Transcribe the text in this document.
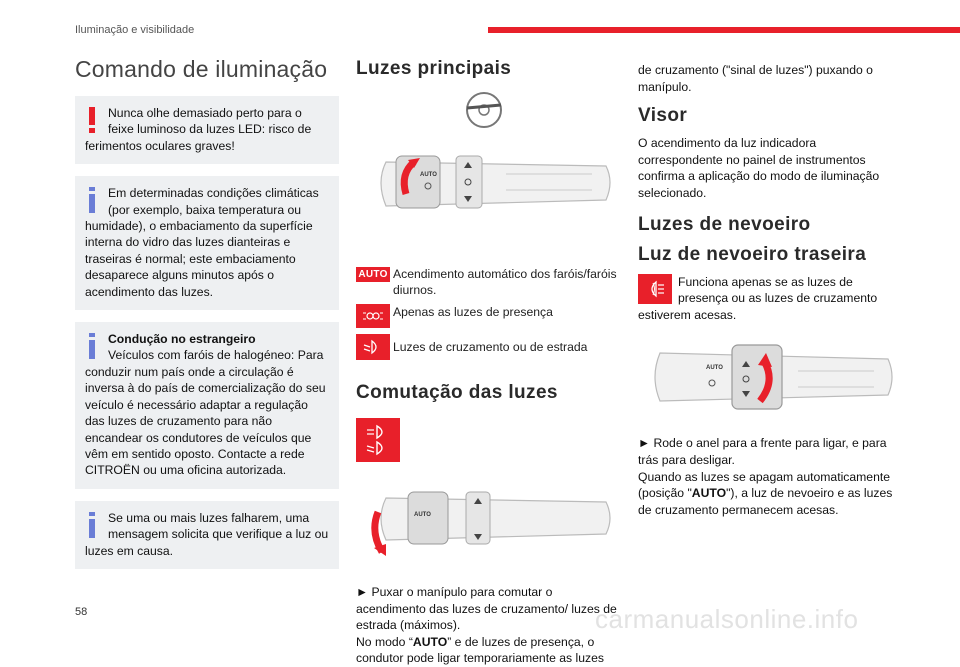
Iluminação e visibilidade
Comando de iluminação
Nunca olhe demasiado perto para o feixe luminoso da luzes LED: risco de ferimentos oculares graves!
Em determinadas condições climáticas (por exemplo, baixa temperatura ou humidade), o embaciamento da superfície interna do vidro das luzes dianteiras e traseiras é normal; este embaciamento desaparece alguns minutos após o acendimento das luzes.
Condução no estrangeiro
Veículos com faróis de halogéneo: Para conduzir num país onde a circulação é inversa à do país de comercialização do seu veículo é necessário adaptar a regulação das luzes de cruzamento para não encandear os condutores de veículos que vêm em sentido oposto. Contacte a rede CITROËN ou uma oficina autorizada.
Se uma ou mais luzes falharem, uma mensagem solicita que verifique a luz ou luzes em causa.
Luzes principais
AUTO
AUTO Acendimento automático dos faróis/faróis diurnos.
Apenas as luzes de presença
Luzes de cruzamento ou de estrada
Comutação das luzes
AUTO
► Puxar o manípulo para comutar o acendimento das luzes de cruzamento/ luzes de estrada (máximos).
No modo “AUTO” e de luzes de presença, o condutor pode ligar temporariamente as luzes
de cruzamento ("sinal de luzes") puxando o manípulo.
Visor
O acendimento da luz indicadora correspondente no painel de instrumentos confirma a aplicação do modo de iluminação selecionado.
Luzes de nevoeiro
Luz de nevoeiro traseira
Funciona apenas se as luzes de presença ou as luzes de cruzamento estiverem acesas.
AUTO
► Rode o anel para a frente para ligar, e para trás para desligar.
Quando as luzes se apagam automaticamente (posição "AUTO"), a luz de nevoeiro e as luzes de cruzamento permanecem acesas.
58	carmanualsonline.info
